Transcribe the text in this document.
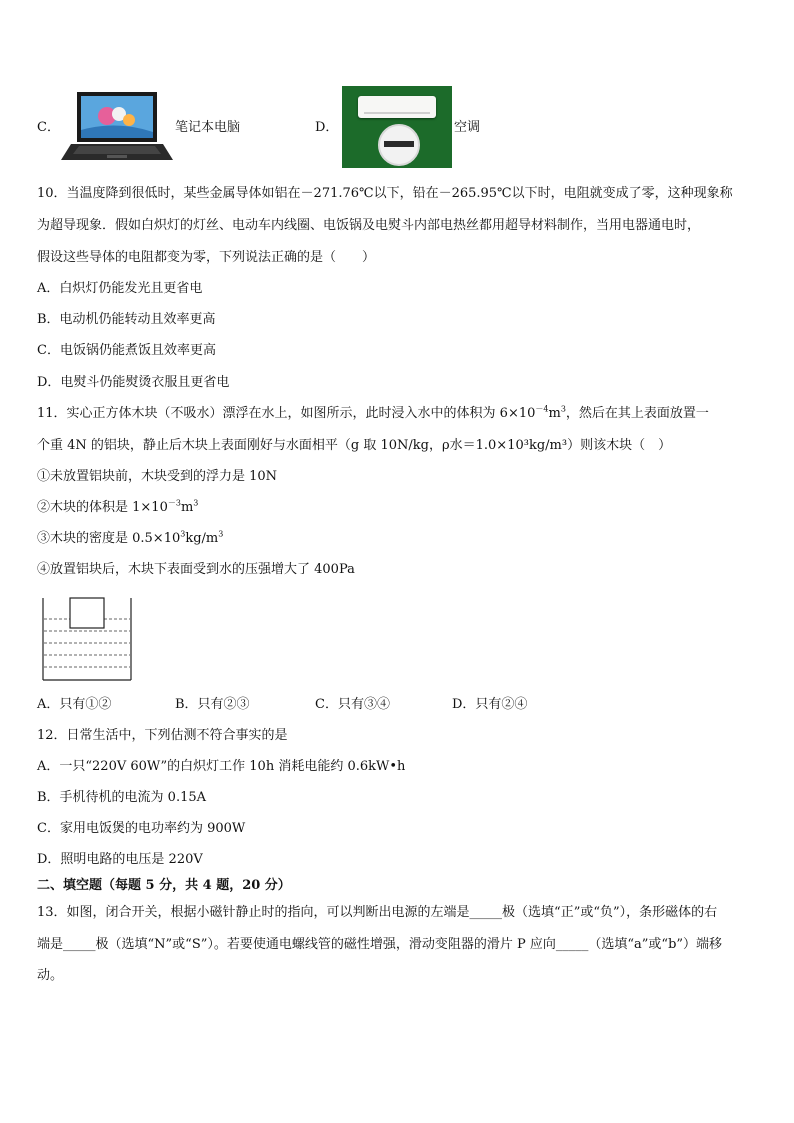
C．	笔记本电脑	D．	空调
10．当温度降到很低时，某些金属导体如铝在－271.76℃以下，铅在－265.95℃以下时，电阻就变成了零，这种现象称
为超导现象．假如白炽灯的灯丝、电动车内线圈、电饭锅及电熨斗内部电热丝都用超导材料制作，当用电器通电时，
假设这些导体的电阻都变为零，下列说法正确的是（　　）
A．白炽灯仍能发光且更省电
B．电动机仍能转动且效率更高
C．电饭锅仍能煮饭且效率更高
D．电熨斗仍能熨烫衣服且更省电
11．实心正方体木块（不吸水）漂浮在水上，如图所示，此时浸入水中的体积为 $6\times 10^{-4}m^3$，然后在其上表面放置一
个重 4N 的铝块，静止后木块上表面刚好与水面相平（g 取 10N/kg，ρ水＝1.0×10³kg/m³）则该木块（　）
①未放置铝块前，木块受到的浮力是 10N
②木块的体积是 $1\times 10^{-3}m^3$
③木块的密度是 $0.5\times 10^3kg/m^3$
④放置铝块后，木块下表面受到水的压强增大了 400Pa
A．只有①②	B．只有②③	C．只有③④	D．只有②④
12．日常生活中，下列估测不符合事实的是
A．一只“220V 60W”的白炽灯工作 10h 消耗电能约 0.6kW•h
B．手机待机的电流为 0.15A
C．家用电饭煲的电功率约为 900W
D．照明电路的电压是 220V
二、填空题（每题 5 分，共 4 题，20 分）
13．如图，闭合开关，根据小磁针静止时的指向，可以判断出电源的左端是_____极（选填“正”或“负”），条形磁体的右
端是_____极（选填“N”或“S”）。若要使通电螺线管的磁性增强，滑动变阻器的滑片 P 应向_____（选填“a”或“b”）端移
动。
